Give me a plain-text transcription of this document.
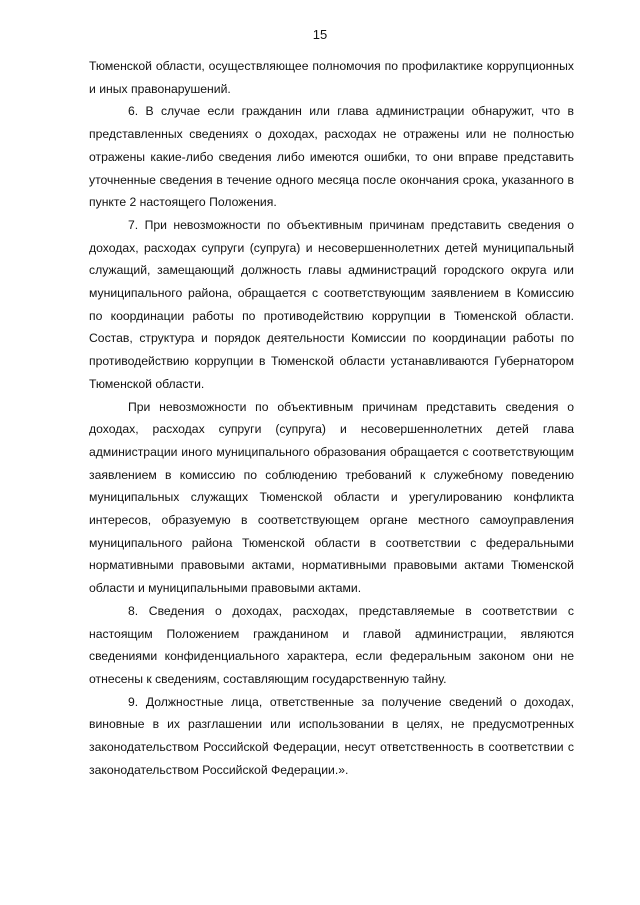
15

Тюменской области, осуществляющее полномочия по профилактике коррупционных и иных правонарушений.

6. В случае если гражданин или глава администрации обнаружит, что в представленных сведениях о доходах, расходах не отражены или не полностью отражены какие-либо сведения либо имеются ошибки, то они вправе представить уточненные сведения в течение одного месяца после окончания срока, указанного в пункте 2 настоящего Положения.

7. При невозможности по объективным причинам представить сведения о доходах, расходах супруги (супруга) и несовершеннолетних детей муниципальный служащий, замещающий должность главы администраций городского округа или муниципального района, обращается с соответствующим заявлением в Комиссию по координации работы по противодействию коррупции в Тюменской области. Состав, структура и порядок деятельности Комиссии по координации работы по противодействию коррупции в Тюменской области устанавливаются Губернатором Тюменской области.

При невозможности по объективным причинам представить сведения о доходах, расходах супруги (супруга) и несовершеннолетних детей глава администрации иного муниципального образования обращается с соответствующим заявлением в комиссию по соблюдению требований к служебному поведению муниципальных служащих Тюменской области и урегулированию конфликта интересов, образуемую в соответствующем органе местного самоуправления муниципального района Тюменской области в соответствии с федеральными нормативными правовыми актами, нормативными правовыми актами Тюменской области и муниципальными правовыми актами.

8. Сведения о доходах, расходах, представляемые в соответствии с настоящим Положением гражданином и главой администрации, являются сведениями конфиденциального характера, если федеральным законом они не отнесены к сведениям, составляющим государственную тайну.

9. Должностные лица, ответственные за получение сведений о доходах, виновные в их разглашении или использовании в целях, не предусмотренных законодательством Российской Федерации, несут ответственность в соответствии с законодательством Российской Федерации.».
